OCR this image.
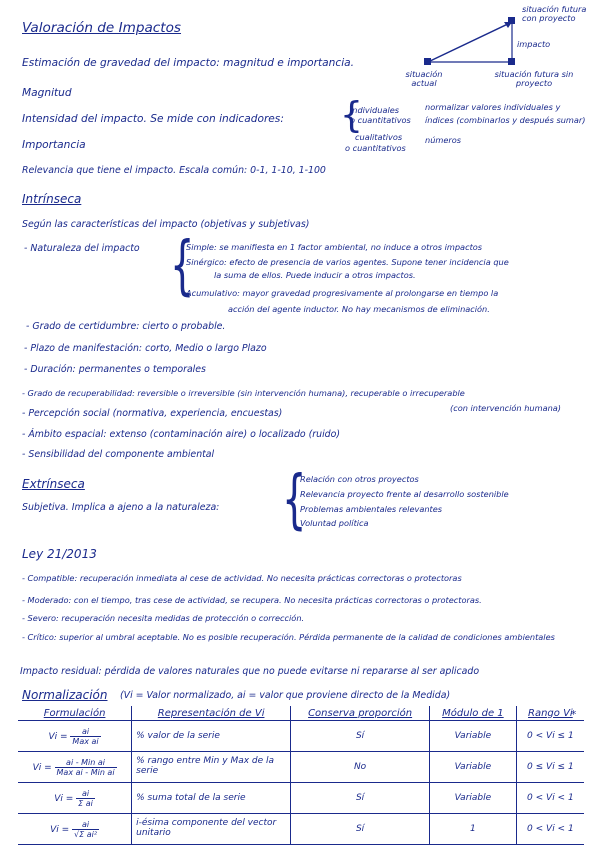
Valoración de Impactos
situación futura con proyecto
impacto
situación actual
situación futura sin proyecto
Estimación de gravedad del impacto: magnitud e importancia.
Magnitud
Intensidad del impacto. Se mide con indicadores: {
individuales	normalizar valores individuales y
o cuantitativos índices (combinarlos y después sumar)
cualitativos	números
o cuantitativos
Importancia
Relevancia que tiene el impacto. Escala común: 0-1, 1-10, 1-100
Intrínseca
Según las características del impacto (objetivas y subjetivas)
- Naturaleza del impacto {
Simple: se manifiesta en 1 factor ambiental, no induce a otros impactos
Sinérgico: efecto de presencia de varios agentes. Supone tener incidencia que
la suma de ellos. Puede inducir a otros impactos.
Acumulativo: mayor gravedad progresivamente al prolongarse en tiempo la
acción del agente inductor. No hay mecanismos de eliminación.
- Grado de certidumbre: cierto o probable.
- Plazo de manifestación: corto, Medio o largo Plazo
- Duración: permanentes o temporales
- Grado de recuperabilidad: reversible o irreversible (sin intervención humana), recuperable o irrecuperable
(con intervención humana)
- Percepción social (normativa, experiencia, encuestas)
- Ámbito espacial: extenso (contaminación aire) o localizado (ruido)
- Sensibilidad del componente ambiental
Extrínseca
Subjetiva. Implica a ajeno a la naturaleza: {
Relación con otros proyectos
Relevancia proyecto frente al desarrollo sostenible
Problemas ambientales relevantes
Voluntad política
Ley 21/2013
- Compatible: recuperación inmediata al cese de actividad. No necesita prácticas correctoras o protectoras
- Moderado: con el tiempo, tras cese de actividad, se recupera. No necesita prácticas correctoras o protectoras.
- Severo: recuperación necesita medidas de protección o corrección.
- Crítico: superior al umbral aceptable. No es posible recuperación. Pérdida permanente de la calidad de condiciones ambientales
Impacto residual: pérdida de valores naturales que no puede evitarse ni repararse al ser aplicado
Normalización (Vi = Valor normalizado, ai = valor que proviene directo de la Medida)
*
Formulación	Representación de Vi	Conserva proporción	Módulo de 1	Rango Vi
$Vi = \frac{ai}{\text{Max ai}}$	% valor de la serie	Sí	Variable	0 < Vi ≤ 1
$Vi = \frac{\text{ai - Min ai}}{\text{Max ai - Min ai}}$	% rango entre Min y Max de la serie	No	Variable	0 ≤ Vi ≤ 1
$Vi = \frac{ai}{\text{Σ ai}}$	% suma total de la serie	Sí	Variable	0 < Vi < 1
$Vi = \frac{ai}{\text{√Σ ai²}}$	i-ésima componente del vector unitario	Sí	1	0 < Vi < 1
